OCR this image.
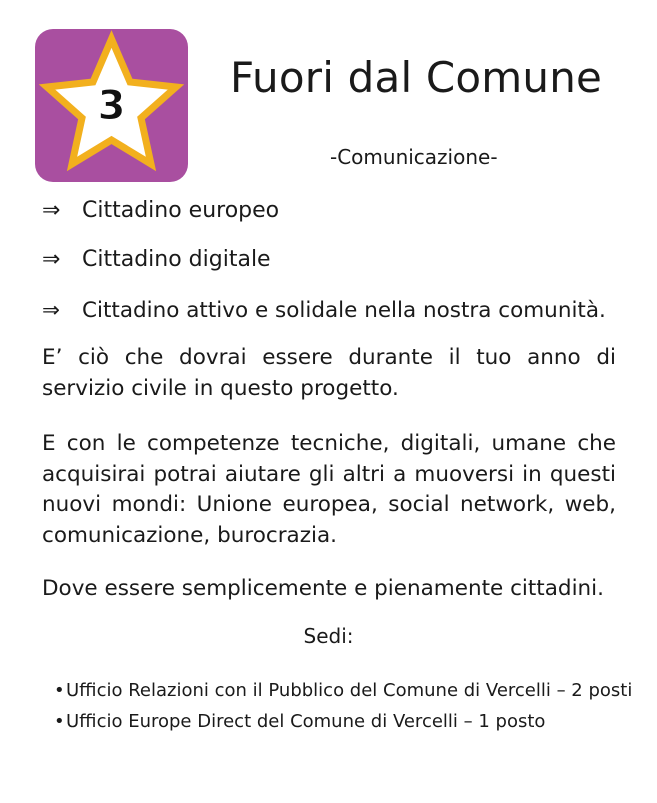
3
Fuori dal Comune
-Comunicazione-
⇒ Cittadino europeo
⇒ Cittadino digitale
⇒ Cittadino attivo e solidale nella nostra comunità.
E’ ciò che dovrai essere durante il tuo anno di servizio civile in questo progetto.
E con le competenze tecniche, digitali, umane che acquisirai potrai aiutare gli altri a muoversi in questi nuovi mondi: Unione europea, social network, web, comunicazione, burocrazia.
Dove essere semplicemente e pienamente cittadini.
Sedi:
•Ufficio Relazioni con il Pubblico del Comune di Vercelli – 2 posti
•Ufficio Europe Direct del Comune di Vercelli – 1 posto
